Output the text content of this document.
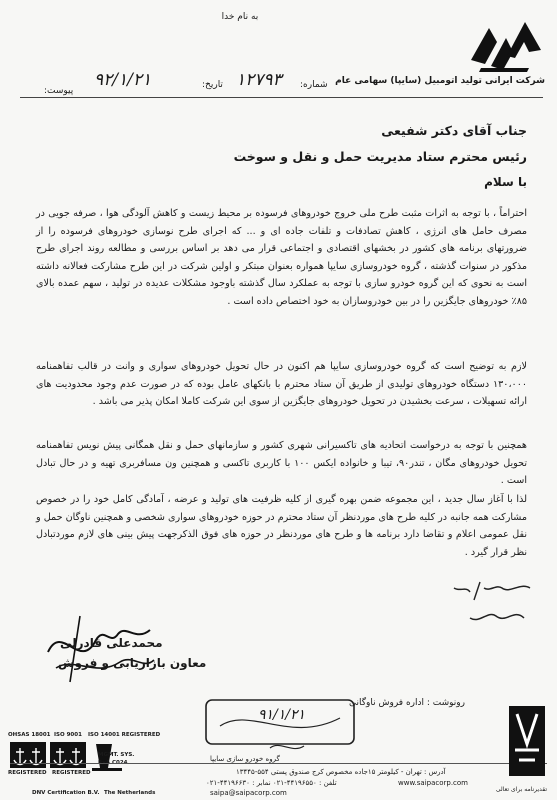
به نام خدا
شرکت ایرانی تولید اتومبیل (سایپا) سهامی عام
شماره:
۱۲۷۹۳
تاریخ:
۹۲/۱/۲۱
پیوست:
جناب آقای دکتر شفیعی
رئیس محترم ستاد مدیریت حمل و نقل و سوخت
با سلام
احتراماً ، با توجه به اثرات مثبت طرح ملی خروج خودروهای فرسوده بر محیط زیست و کاهش آلودگی هوا ، صرفه جویی در مصرف حامل های انرژی ، کاهش تصادفات و تلفات جاده ای و ... که اجرای طرح نوسازی خودروهای فرسوده را از ضرورتهای برنامه های کشور در بخشهای اقتصادی و اجتماعی قرار می دهد بر اساس بررسی و مطالعه روند اجرای طرح مذکور در سنوات گذشته ، گروه خودروسازی سایپا همواره بعنوان مبتکر و اولین شرکت در این طرح مشارکت فعالانه داشته است به نحوی که این گروه خودرو سازی با توجه به عملکرد سال گذشته باوجود مشکلات عدیده در تولید ، سهم عمده بالای ۸۵٪ خودروهای جایگزین را در بین خودروسازان به خود اختصاص داده است .
لازم به توضیح است که گروه خودروسازی سایپا هم اکنون در حال تحویل خودروهای سواری و وانت در قالب تفاهمنامه ۱۳۰،۰۰۰ دستگاه خودروهای تولیدی از طریق آن ستاد محترم با بانکهای عامل بوده که در صورت عدم وجود محدودیت های ارائه تسهیلات ، سرعت بخشیدن در تحویل خودروهای جایگزین از سوی این شرکت کاملا امکان پذیر می باشد .
همچنین با توجه به درخواست اتحادیه های تاکسیرانی شهری کشور و سازمانهای حمل و نقل همگانی پیش نویس تفاهمنامه تحویل خودروهای مگان ، تندر۹۰، تیبا و خانواده ایکس ۱۰۰ با کاربری تاکسی و همچنین ون مسافربری تهیه و در حال تبادل است .
لذا با آغاز سال جدید ، این مجموعه ضمن بهره گیری از کلیه ظرفیت های تولید و عرضه ، آمادگی کامل خود را در خصوص مشارکت همه جانبه در کلیه طرح های موردنظر آن ستاد محترم در حوزه خودروهای سواری شخصی و همچنین ناوگان حمل و نقل عمومی اعلام و تقاضا دارد برنامه ها و طرح های موردنظر در حوزه های فوق الذکرجهت پیش بینی های لازم موردتبادل نظر قرار گیرد .
محمدعلی قادرلی
معاون بازاریابی و فروش
رونوشت : اداره فروش ناوگانی
۹۱/۱/۲۱
OHSAS 18001 ISO 9001 ISO 14001 REGISTERED
REGISTERED REGISTERED
MGMT. SYS.
The Netherlands
DNV Certification B.V.
گروه خودرو سازی سایپا
آدرس : تهران - کیلومتر ۱۵جاده مخصوص کرج صندوق پستی ۵۵۴-۱۳۴۴۵
تلفن : ۴۴۱۹۶۵۵۰-۰۲۱ نمابر : ۴۴۱۹۶۶۳۰-۰۲۱	www.saipacorp.com
saipa@saipacorp.com	تقدیرنامه برای تعالی
